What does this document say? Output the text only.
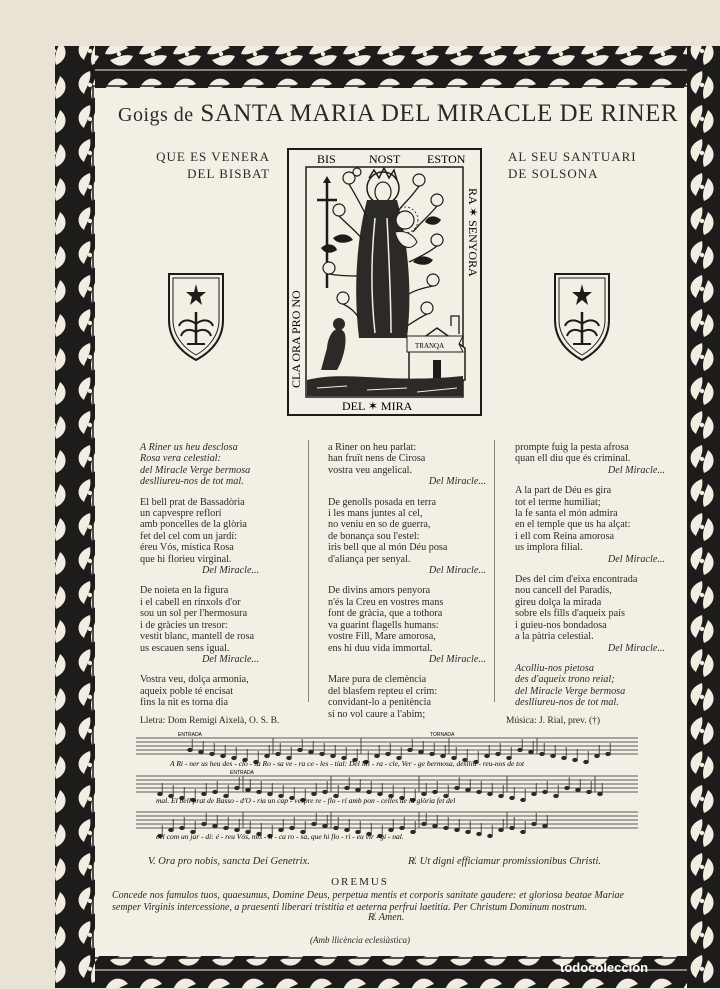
Goigs de SANTA MARIA DEL MIRACLE DE RINER
QUE ES VENERA
DEL BISBAT
AL SEU SANTUARI
DE SOLSONA
BIS	NOST ESTON
RA ✶ SENYORA
CLA ORA PRO NO
DEL ✶ MIRA
TRANQA
A Riner us heu desclosa
Rosa vera celestial:
del Miracle Verge bermosa
deslliureu-nos de tot mal.
El bell prat de Bassadòria
un capvespre reflorí
amb poncelles de la glòria
fet del cel com un jardí:
éreu Vós, mística Rosa
que hi florieu virginal.
Del Miracle...
De noieta en la figura
i el cabell en rínxols d'or
sou un sol per l'hermosura
i de gràcies un tresor:
vestit blanc, mantell de rosa
us escauen sens igual.
Del Miracle...
Vostra veu, dolça armonia,
aqueix poble té encisat
fins la nit es torna dia
a Riner on heu parlat:
han fruït nens de Cirosa
vostra veu angelical.
Del Miracle...
De genolls posada en terra
i les mans juntes al cel,
no veniu en so de guerra,
de bonança sou l'estel:
iris bell que al món Déu posa
d'aliança per senyal.
Del Miracle...
De divins amors penyora
n'és la Creu en vostres mans
font de gràcia, que a tothora
va guarint flagells humans:
vostre Fill, Mare amorosa,
ens hi duu vida immortal.
Del Miracle...
Mare pura de clemència
del blasfem repteu el crim:
convidant-lo a penitència
si no vol caure a l'abim;
prompte fuig la pesta afrosa
quan ell diu que és criminal.
Del Miracle...
A la part de Déu es gira
tot el terme humiliat;
la fe santa el món admira
en el temple que us ha alçat:
i ell com Reina amorosa
us implora filial.
Del Miracle...
Des del cim d'eixa encontrada
nou cancell del Paradís,
gireu dolça la mirada
sobre els fills d'aqueix país
i guieu-nos bondadosa
a la pàtria celestial.
Del Miracle...
Acolliu-nos pietosa
des d'aqueix trono reial;
del Miracle Verge bermosa
deslliureu-nos de tot mal.
Lletra: Dom Remigi Aixelà, O. S. B.	Música: J. Rial, prev. (†)
ENTRADA	TORNADA
ENTRADA
A Ri - ner us heu des - clo - sa Ro - sa ve - ra ce - les - tial: Del Mi - ra - cle, Ver - ge bermosa, deslliu - reu-nos de tot
mal. El bell prat de Basso - d'O - ria un cap - vespre re - flo - rí amb pon - celles de la glòria fet del
cel com un jar - dí: é - reu Vós, mís - ti - ca ro - sa, que hi flo - ri - eu vir - gi - nal.
V. Ora pro nobis, sancta Dei Genetrix.	R̸. Ut digni efficiamur promissionibus Christi.
OREMUS
Concede nos famulos tuos, quaesumus, Domine Deus, perpetua mentis et corporis sanitate gaudere: et gloriosa beatae Mariae semper Virginis intercessione, a praesenti liberari tristitia et aeterna perfrui laetitia. Per Christum Dominum nostrum.
R̸. Amen.
(Amb llicència eclesiàstica)
todocoleccion
